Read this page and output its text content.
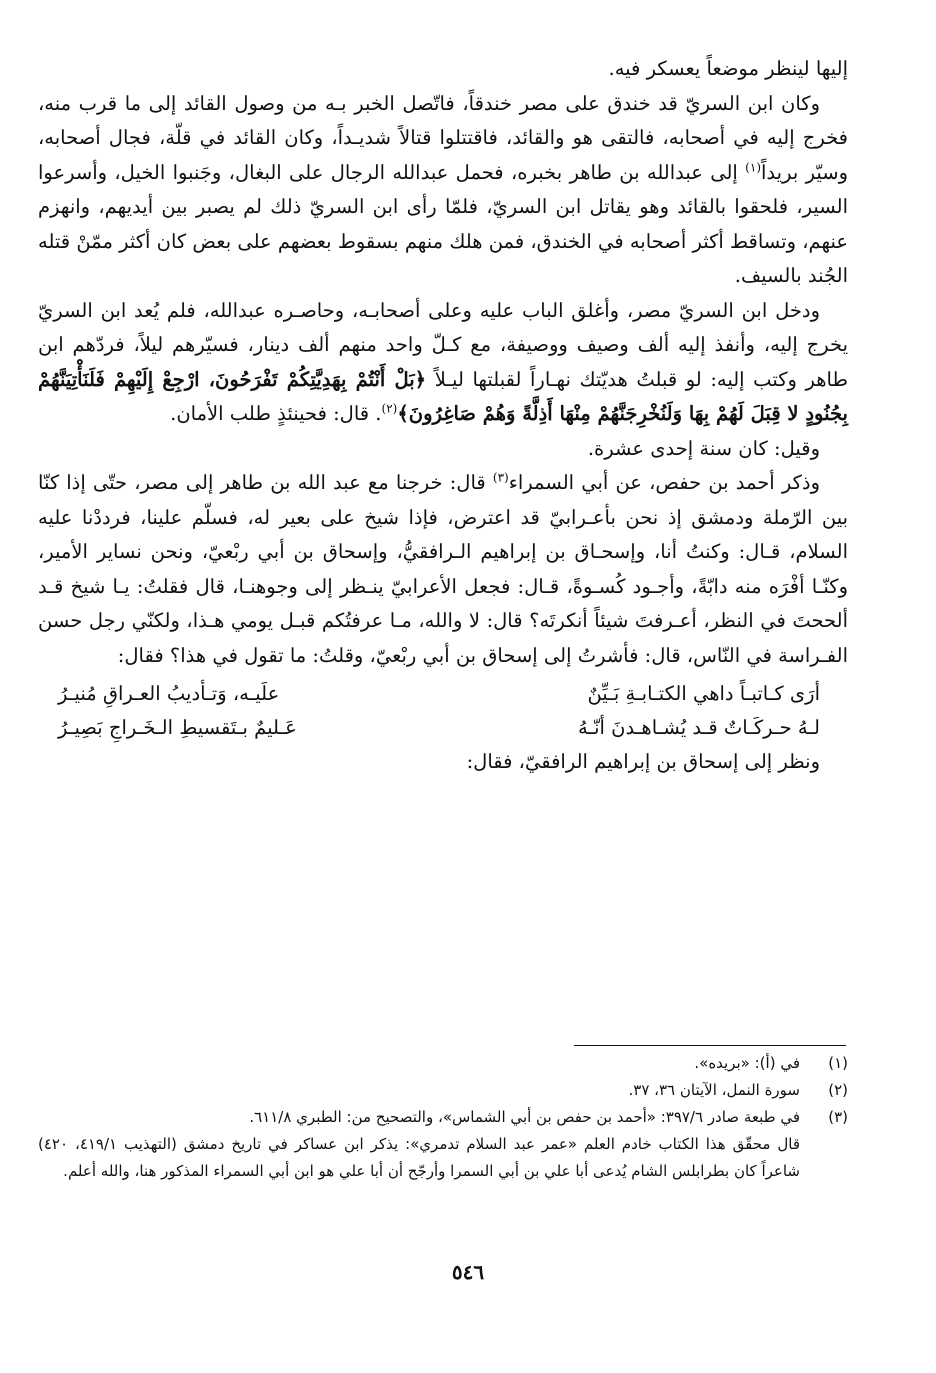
إليها لينظر موضعاً يعسكر فيه.

وكان ابن السريّ قد خندق على مصر خندقاً، فاتّصل الخبر بـه من وصول القائد إلى ما قرب منه، فخرج إليه في أصحابه، فالتقى هو والقائد، فاقتتلوا قتالاً شديـداً، وكان القائد في قلّة، فجال أصحابه، وسيّر بريداً$^{(١)}$ إلى عبدالله بن طاهر بخبره، فحمل عبدالله الرجال على البغال، وجَنبوا الخيل، وأسرعوا السير، فلحقوا بالقائد وهو يقاتل ابن السريّ، فلمّا رأى ابن السريّ ذلك لم يصبر بين أيديهم، وانهزم عنهم، وتساقط أكثر أصحابه في الخندق، فمن هلك منهم بسقوط بعضهم على بعض كان أكثر ممّنْ قتله الجُند بالسيف.

ودخل ابن السريّ مصر، وأغلق الباب عليه وعلى أصحابـه، وحاصـره عبدالله، فلم يُعد ابن السريّ يخرج إليه، وأنفذ إليه ألف وصيف ووصيفة، مع كـلّ واحد منهم ألف دينار، فسيّرهم ليلاً، فردّهم ابن طاهر وكتب إليه: لو قبلتُ هديّتك نهـاراً لقبلتها ليـلاً ﴿بَلْ أَنْتُمْ بِهَدِيَّتِكُمْ تَفْرَحُونَ، ارْجِعْ إِلَيْهِمْ فَلَنَأْتِيَنَّهُمْ بِجُنُودٍ لا قِبَلَ لَهُمْ بِهَا وَلَنُخْرِجَنَّهُمْ مِنْهَا أَذِلَّةً وَهُمْ صَاغِرُونَ﴾$^{(٢)}$. قال: فحينئذٍ طلب الأمان.

وقيل: كان سنة إحدى عشرة.

وذكر أحمد بن حفص، عن أبي السمراء$^{(٣)}$ قال: خرجنا مع عبد الله بن طاهر إلى مصر، حتّى إذا كنّا بين الرّملة ودمشق إذ نحن بأعـرابيّ قد اعترض، فإذا شيخ على بعير له، فسلّم علينا، فرددْنا عليه السلام، قـال: وكنتُ أنا، وإسحـاق بن إبراهيم الـرافقيُّ، وإسحاق بن أبي ربْعيّ، ونحن نساير الأمير، وكنّـا أفْرَه منه دابّةً، وأجـود كُسـوةً، قـال: فجعل الأعرابيّ ينـظر إلى وجوهنـا، قال فقلتُ: يـا شيخ قـد ألححتَ في النظر، أعـرفتَ شيئاً أنكرتَه؟ قال: لا والله، مـا عرفتُكم قبـل يومي هـذا، ولكنّي رجل حسن الفـراسة في النّاس، قال: فأشرتُ إلى إسحاق بن أبي ربْعيّ، وقلتُ: ما تقول في هذا؟ فقال:

أرَى كـاتبـاً داهي الكتـابـةِ بَـيِّنٌ
علَيـه، وَتـأديبُ العـراقِ مُنيـرُ
لـهُ حـركَـاتٌ قـد يُشـاهـدنَ أنّـهُ
عَـليمٌ بـتَقسيطِ الـخَـراجِ بَصِيـرُ

ونظر إلى إسحاق بن إبراهيم الرافقيّ، فقال:

(١)
في (أ): «بريده».
(٢)
سورة النمل، الآيتان ٣٦، ٣٧.
(٣)
في طبعة صادر ٣٩٧/٦: «أحمد بن حفص بن أبي الشماس»، والتصحيح من: الطبري ٦١١/٨.
قال محقّق هذا الكتاب خادم العلم «عمر عبد السلام تدمري»: يذكر ابن عساكر في تاريخ دمشق (التهذيب ٤١٩/١، ٤٢٠) شاعراً كان بطرابلس الشام يُدعى أبا علي بن أبي السمرا وأرجّح أن أبا علي هو ابن أبي السمراء المذكور هنا، والله أعلم.
٥٤٦
